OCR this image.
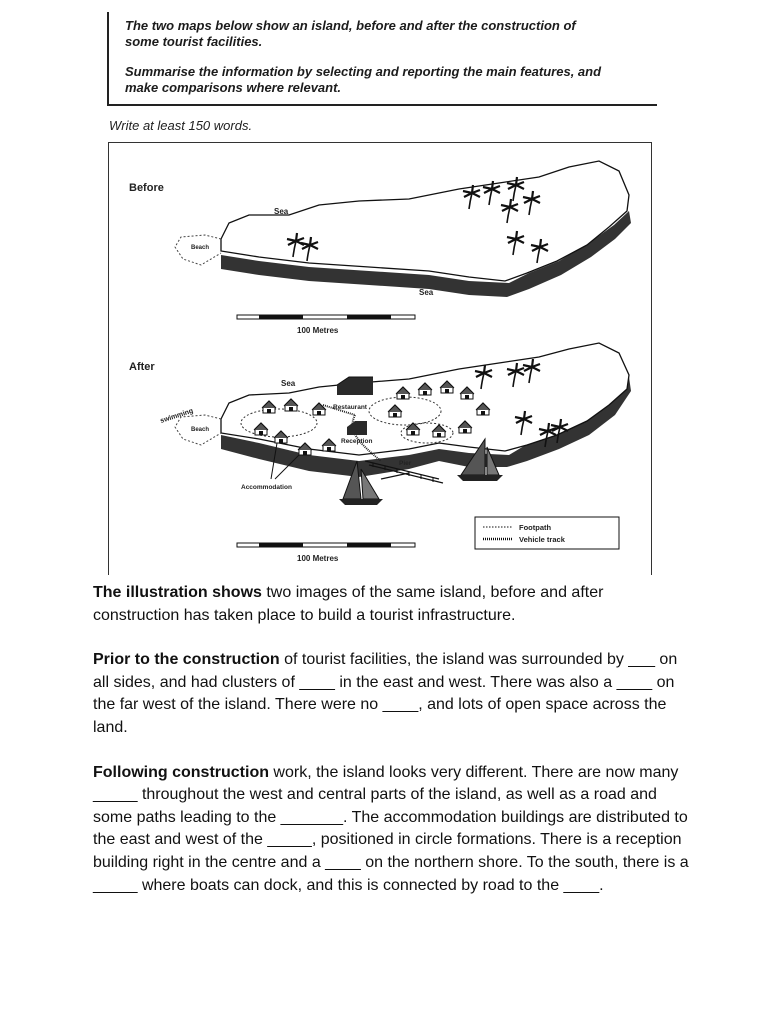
The two maps below show an island, before and after the construction of

some tourist facilities.

Summarise the information by selecting and reporting the main features, and

make comparisons where relevant.

Write at least 150 words.
Before
Sea
Sea
Beach
100 Metres
After
Sea
Beach
swimming
Restaurant
Reception
Pier
Accommodation
Footpath
Vehicle track
100 Metres

The illustration shows two images of the same island, before and after construction has taken place to build a tourist infrastructure.

Prior to the construction of tourist facilities, the island was surrounded by ___ on all sides, and had clusters of ____ in the east and west. There was also a ____ on the far west of the island. There were no ____, and lots of open space across the land.

Following construction work, the island looks very different. There are now many _____ throughout the west and central parts of the island, as well as a road and some paths leading to the _______. The accommodation buildings are distributed to the east and west of the _____, positioned in circle formations. There is a reception building right in the centre and a ____ on the northern shore. To the south, there is a _____ where boats can dock, and this is connected by road to the ____.
